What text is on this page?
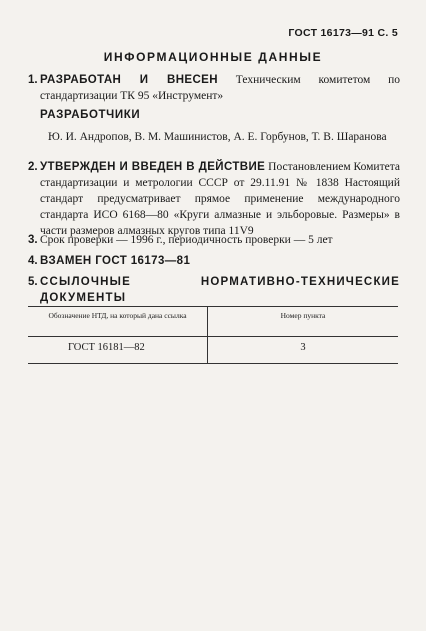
ГОСТ 16173—91 С. 5
ИНФОРМАЦИОННЫЕ ДАННЫЕ
1. РАЗРАБОТАН И ВНЕСЕН Техническим комитетом по стандартизации ТК 95 «Инструмент»
РАЗРАБОТЧИКИ
Ю. И. Андропов, В. М. Машинистов, А. Е. Горбунов, Т. В. Шаранова
2. УТВЕРЖДЕН И ВВЕДЕН В ДЕЙСТВИЕ Постановлением Комитета стандартизации и метрологии СССР от 29.11.91 № 1838 Настоящий стандарт предусматривает прямое применение международного стандарта ИСО 6168—80 «Круги алмазные и эльборовые. Размеры» в части размеров алмазных кругов типа 11V9
3. Срок проверки — 1996 г., периодичность проверки — 5 лет
4. ВЗАМЕН ГОСТ 16173—81
5. ССЫЛОЧНЫЕ НОРМАТИВНО-ТЕХНИЧЕСКИЕ ДОКУМЕНТЫ
Обозначение НТД, на который дана ссылка	Номер пункта
ГОСТ 16181—82	3
